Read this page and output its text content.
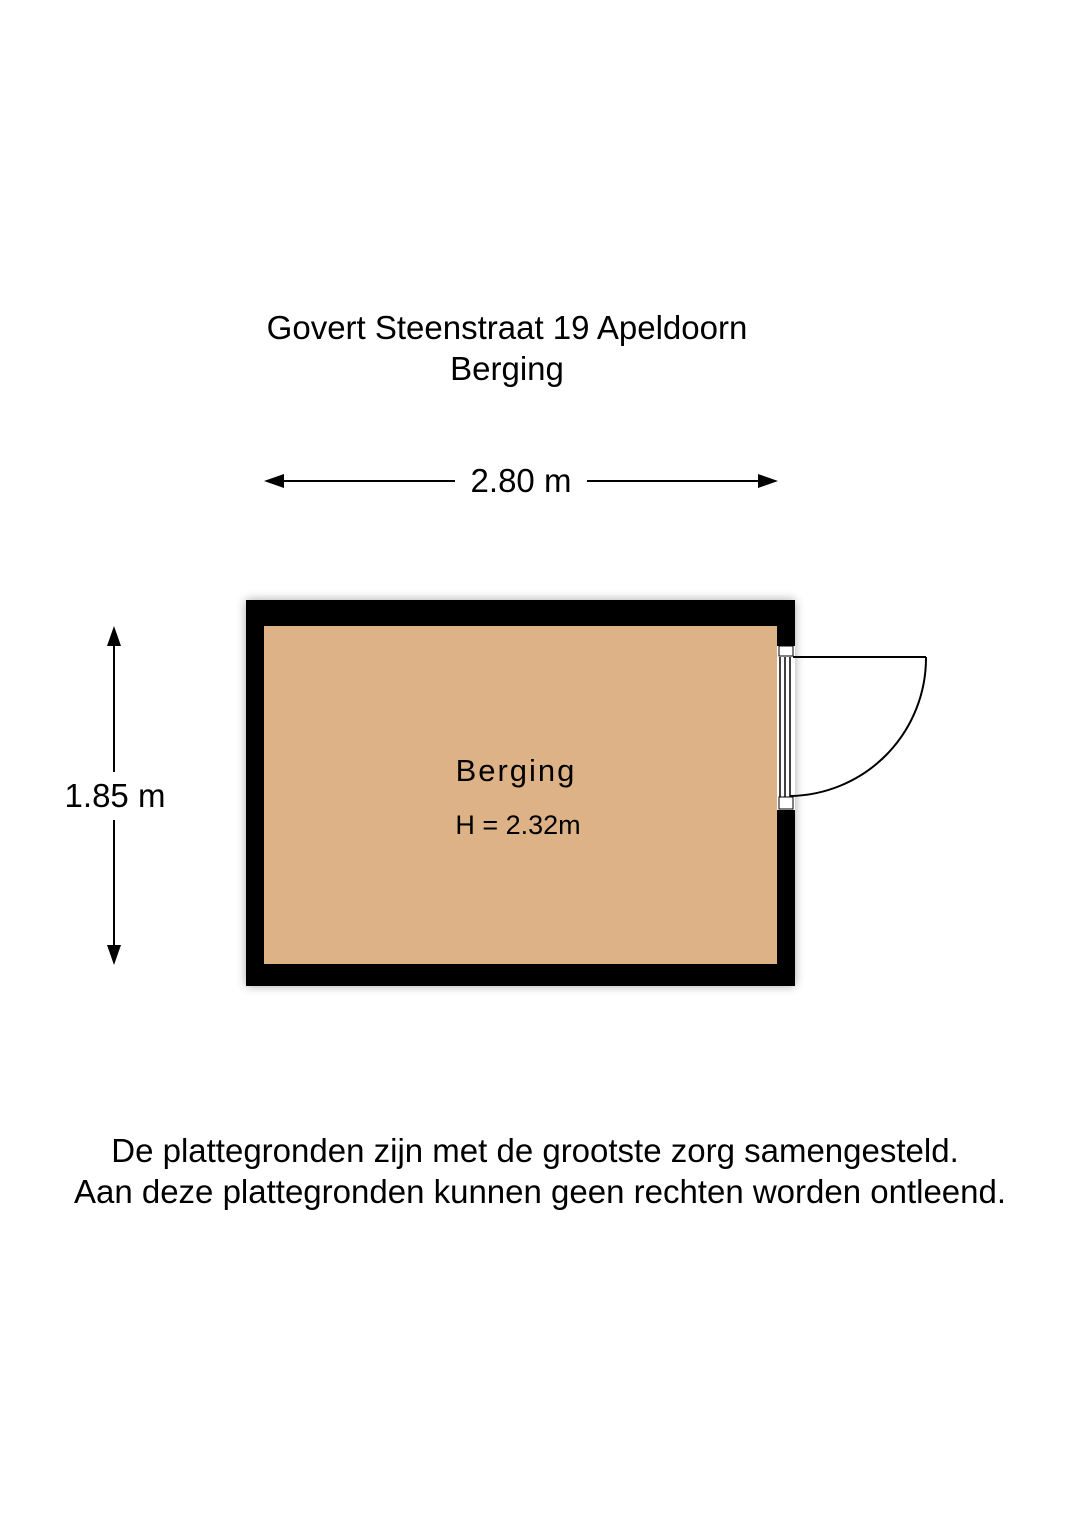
Govert Steenstraat 19 Apeldoorn
Berging
2.80 m
1.85 m
Berging
H = 2.32m
De plattegronden zijn met de grootste zorg samengesteld.
Aan deze plattegronden kunnen geen rechten worden ontleend.
